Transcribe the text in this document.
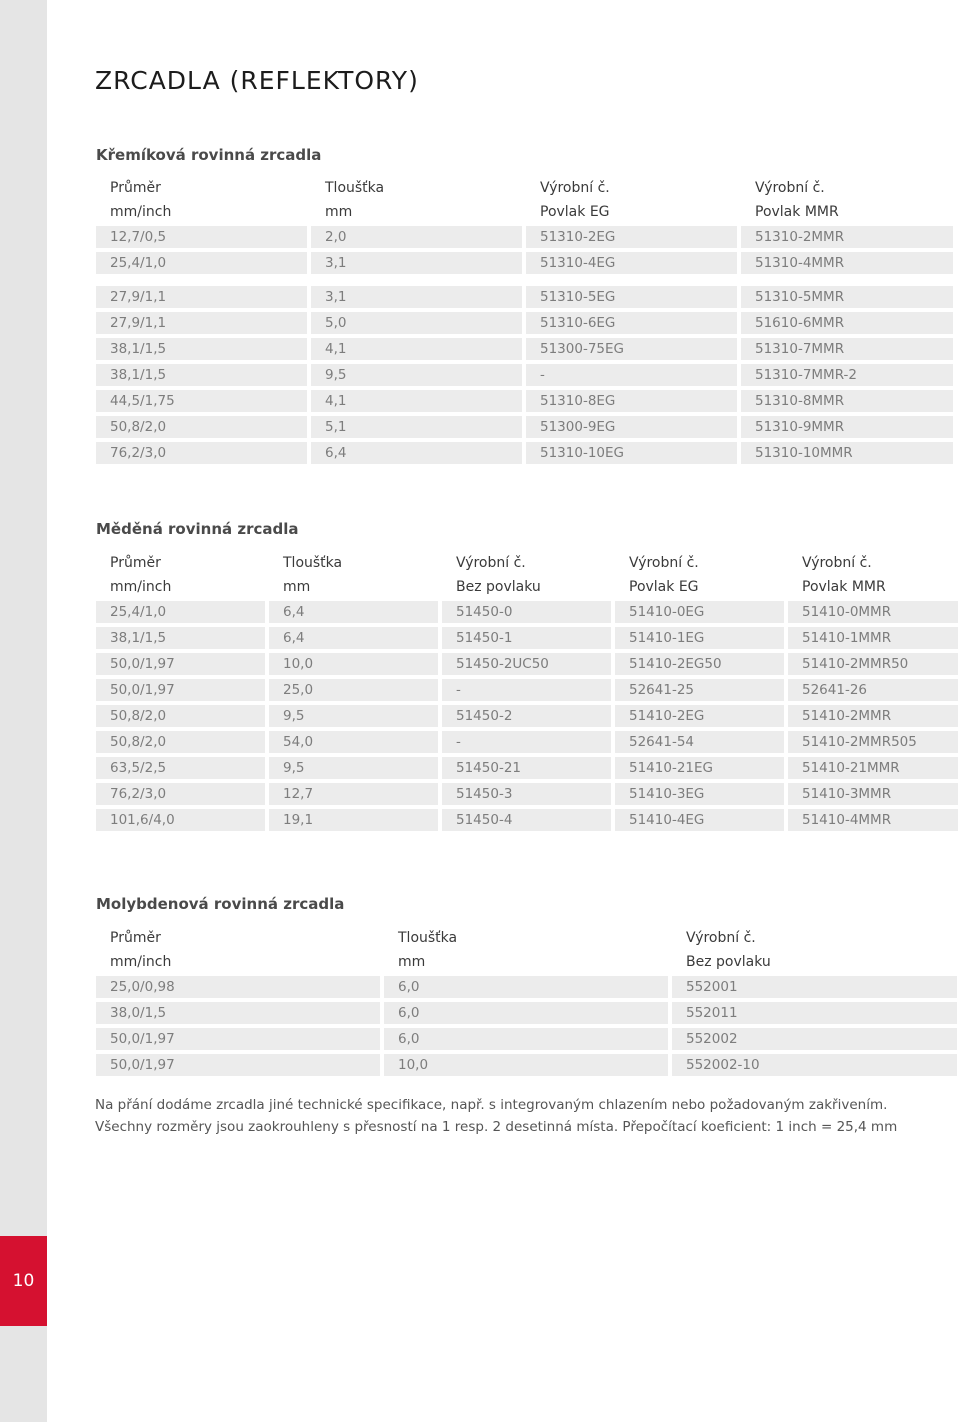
10
ZRCADLA (REFLEKTORY)
Křemíková rovinná zrcadla
Průměr	Tloušťka	Výrobní č.	Výrobní č.
mm/inch	mm	Povlak EG	Povlak MMR
12,7/0,5	2,0	51310-2EG	51310-2MMR
25,4/1,0	3,1	51310-4EG	51310-4MMR
27,9/1,1	3,1	51310-5EG	51310-5MMR
27,9/1,1	5,0	51310-6EG	51610-6MMR
38,1/1,5	4,1	51300-75EG	51310-7MMR
38,1/1,5	9,5	-	51310-7MMR-2
44,5/1,75	4,1	51310-8EG	51310-8MMR
50,8/2,0	5,1	51300-9EG	51310-9MMR
76,2/3,0	6,4	51310-10EG	51310-10MMR
Měděná rovinná zrcadla
Průměr	Tloušťka	Výrobní č.	Výrobní č.	Výrobní č.
mm/inch	mm	Bez povlaku	Povlak EG	Povlak MMR
25,4/1,0	6,4	51450-0	51410-0EG	51410-0MMR
38,1/1,5	6,4	51450-1	51410-1EG	51410-1MMR
50,0/1,97	10,0	51450-2UC50	51410-2EG50	51410-2MMR50
50,0/1,97	25,0	-	52641-25	52641-26
50,8/2,0	9,5	51450-2	51410-2EG	51410-2MMR
50,8/2,0	54,0	-	52641-54	51410-2MMR505
63,5/2,5	9,5	51450-21	51410-21EG	51410-21MMR
76,2/3,0	12,7	51450-3	51410-3EG	51410-3MMR
101,6/4,0	19,1	51450-4	51410-4EG	51410-4MMR
Molybdenová rovinná zrcadla
Průměr	Tloušťka	Výrobní č.
mm/inch	mm	Bez povlaku
25,0/0,98	6,0	552001
38,0/1,5	6,0	552011
50,0/1,97	6,0	552002
50,0/1,97	10,0	552002-10
Na přání dodáme zrcadla jiné technické specifikace, např. s integrovaným chlazením nebo požadovaným zakřivením.
Všechny rozměry jsou zaokrouhleny s přesností na 1 resp. 2 desetinná místa. Přepočítací koeficient: 1 inch = 25,4 mm
